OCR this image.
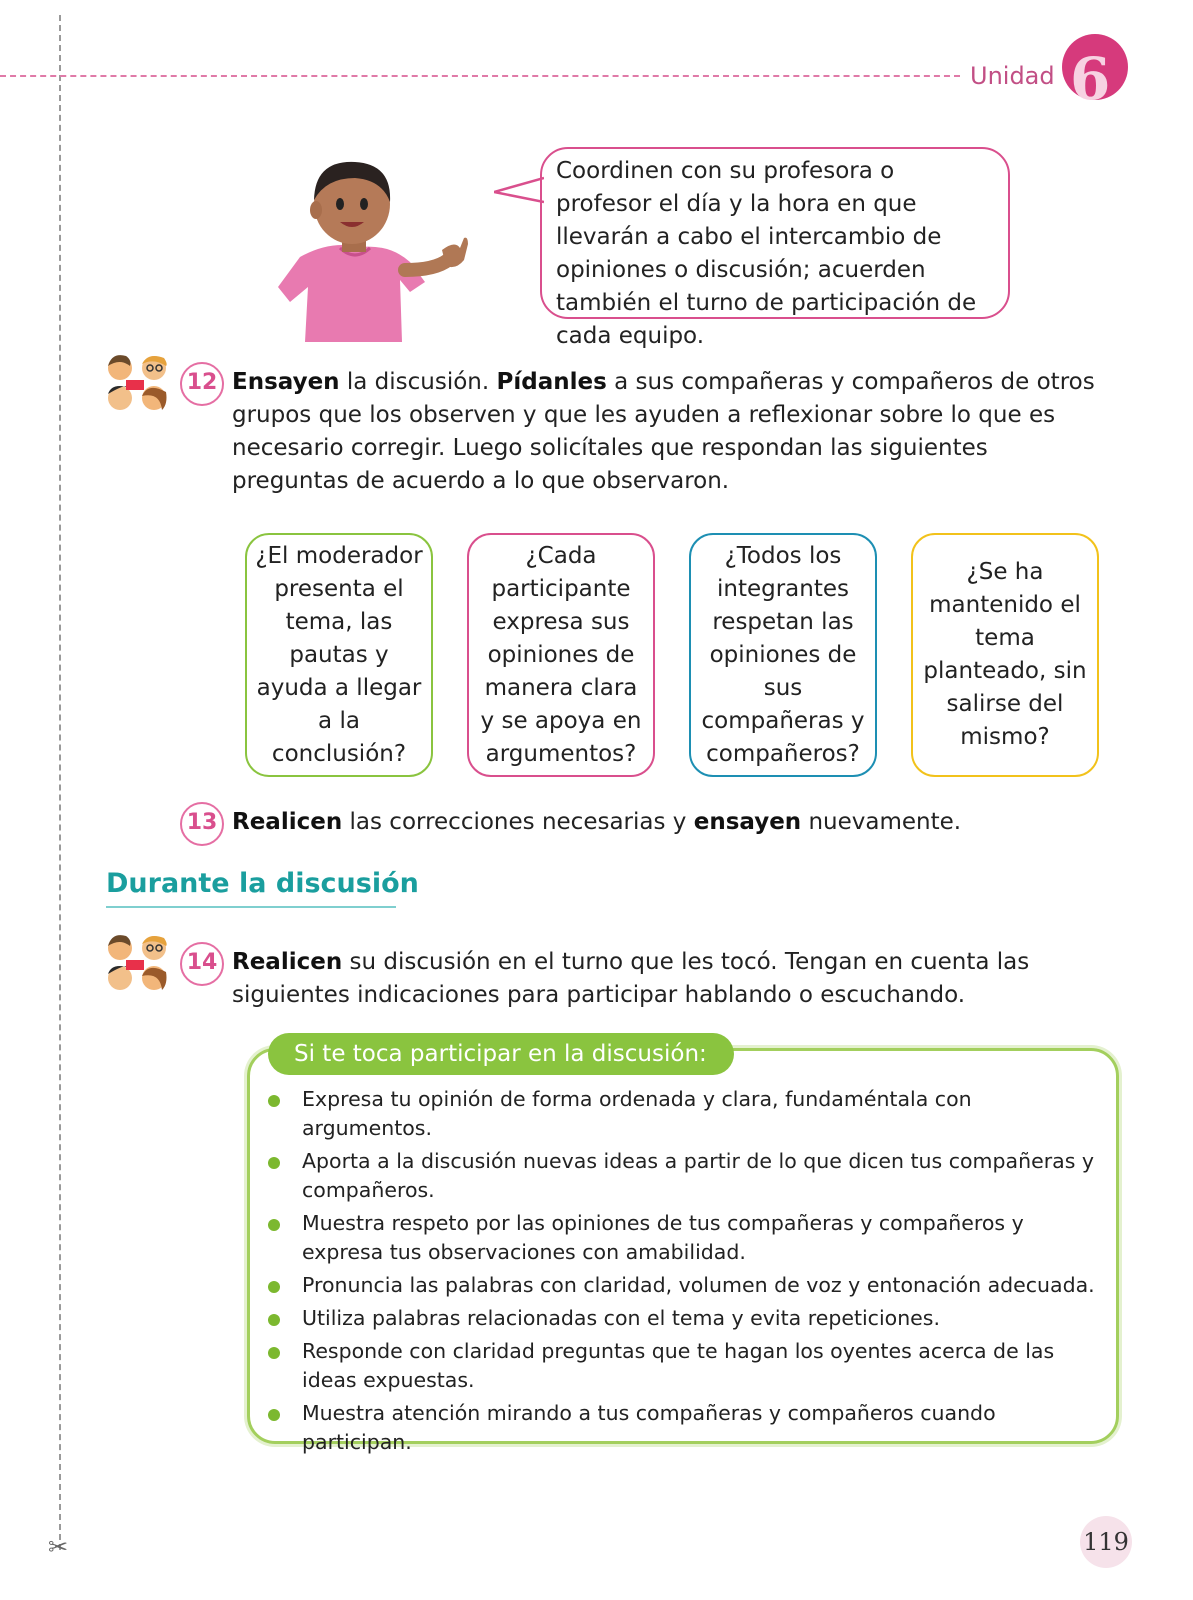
✂
Unidad 6
Coordinen con su profesora o profesor el día y la hora en que llevarán a cabo el intercambio de opiniones o discusión; acuerden también el turno de participación de cada equipo.
12 Ensayen la discusión. Pídanles a sus compañeras y compañeros de otros grupos que los observen y que les ayuden a reflexionar sobre lo que es necesario corregir. Luego solicítales que respondan las siguientes preguntas de acuerdo a lo que observaron.
¿El moderador presenta el tema, las pautas y ayuda a llegar a la conclusión?
¿Cada participante expresa sus opiniones de manera clara y se apoya en argumentos?
¿Todos los integrantes respetan las opiniones de sus compañeras y compañeros?
¿Se ha mantenido el tema planteado, sin salirse del mismo?
13 Realicen las correcciones necesarias y ensayen nuevamente.
Durante la discusión
14 Realicen su discusión en el turno que les tocó. Tengan en cuenta las siguientes indicaciones para participar hablando o escuchando.
Si te toca participar en la discusión:
Expresa tu opinión de forma ordenada y clara, fundaméntala con argumentos.
Aporta a la discusión nuevas ideas a partir de lo que dicen tus compañeras y compañeros.
Muestra respeto por las opiniones de tus compañeras y compañeros y expresa tus observaciones con amabilidad.
Pronuncia las palabras con claridad, volumen de voz y entonación adecuada.
Utiliza palabras relacionadas con el tema y evita repeticiones.
Responde con claridad preguntas que te hagan los oyentes acerca de las ideas expuestas.
Muestra atención mirando a tus compañeras y compañeros cuando participan.
119
